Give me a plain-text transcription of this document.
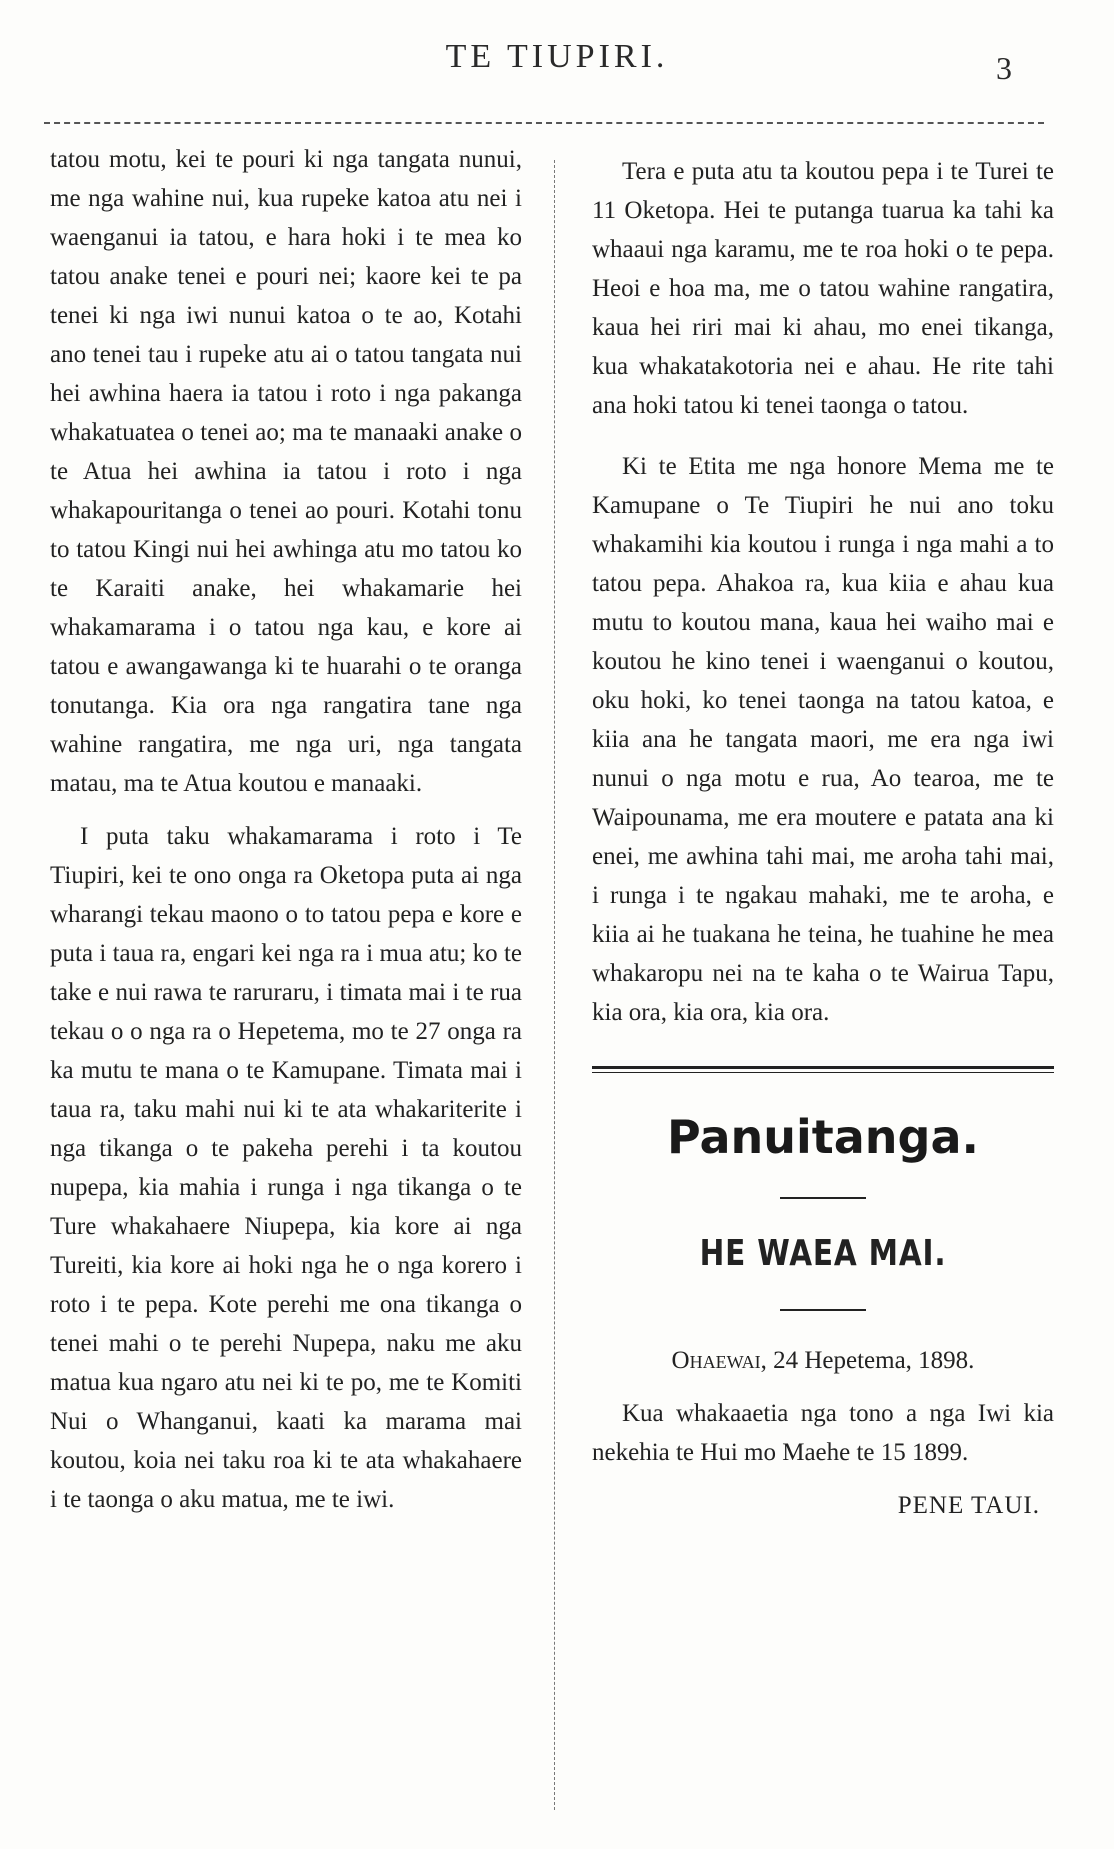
TE TIUPIRI.	3

tatou motu, kei te pouri ki nga tangata nunui, me nga wahine nui, kua rupeke katoa atu nei i waenganui ia tatou, e hara hoki i te mea ko tatou anake tenei e pouri nei; kaore kei te pa tenei ki nga iwi nunui katoa o te ao, Kotahi ano tenei tau i rupeke atu ai o tatou tangata nui hei awhina haera ia tatou i roto i nga pakanga whakatuatea o tenei ao; ma te manaaki anake o te Atua hei awhina ia tatou i roto i nga whakapouritanga o tenei ao pouri. Kotahi tonu to tatou Kingi nui hei awhinga atu mo tatou ko te Karaiti anake, hei whakamarie hei whakamarama i o tatou nga kau, e kore ai tatou e awangawanga ki te huarahi o te oranga tonutanga. Kia ora nga rangatira tane nga wahine rangatira, me nga uri, nga tangata matau, ma te Atua koutou e manaaki.

I puta taku whakamarama i roto i Te Tiupiri, kei te ono onga ra Oketopa puta ai nga wharangi tekau maono o to tatou pepa e kore e puta i taua ra, engari kei nga ra i mua atu; ko te take e nui rawa te raruraru, i timata mai i te rua tekau o o nga ra o Hepetema, mo te 27 onga ra ka mutu te mana o te Kamupane. Timata mai i taua ra, taku mahi nui ki te ata whakariterite i nga tikanga o te pakeha perehi i ta koutou nupepa, kia mahia i runga i nga tikanga o te Ture whakahaere Niupepa, kia kore ai nga Tureiti, kia kore ai hoki nga he o nga korero i roto i te pepa. Kote perehi me ona tikanga o tenei mahi o te perehi Nupepa, naku me aku matua kua ngaro atu nei ki te po, me te Komiti Nui o Whanganui, kaati ka marama mai koutou, koia nei taku roa ki te ata whakahaere i te taonga o aku matua, me te iwi.

Tera e puta atu ta koutou pepa i te Turei te 11 Oketopa. Hei te putanga tuarua ka tahi ka whaaui nga karamu, me te roa hoki o te pepa. Heoi e hoa ma, me o tatou wahine rangatira, kaua hei riri mai ki ahau, mo enei tikanga, kua whakatakotoria nei e ahau. He rite tahi ana hoki tatou ki tenei taonga o tatou.

Ki te Etita me nga honore Mema me te Kamupane o Te Tiupiri he nui ano toku whakamihi kia koutou i runga i nga mahi a to tatou pepa. Ahakoa ra, kua kiia e ahau kua mutu to koutou mana, kaua hei waiho mai e koutou he kino tenei i waenganui o koutou, oku hoki, ko tenei taonga na tatou katoa, e kiia ana he tangata maori, me era nga iwi nunui o nga motu e rua, Ao tearoa, me te Waipounama, me era moutere e patata ana ki enei, me awhina tahi mai, me aroha tahi mai, i runga i te ngakau mahaki, me te aroha, e kiia ai he tuakana he teina, he tuahine he mea whakaropu nei na te kaha o te Wairua Tapu, kia ora, kia ora, kia ora.

Panuitanga.
HE WAEA MAI.

Ohaewai, 24 Hepetema, 1898.

Kua whakaaetia nga tono a nga Iwi kia nekehia te Hui mo Maehe te 15 1899.

PENE TAUI.
